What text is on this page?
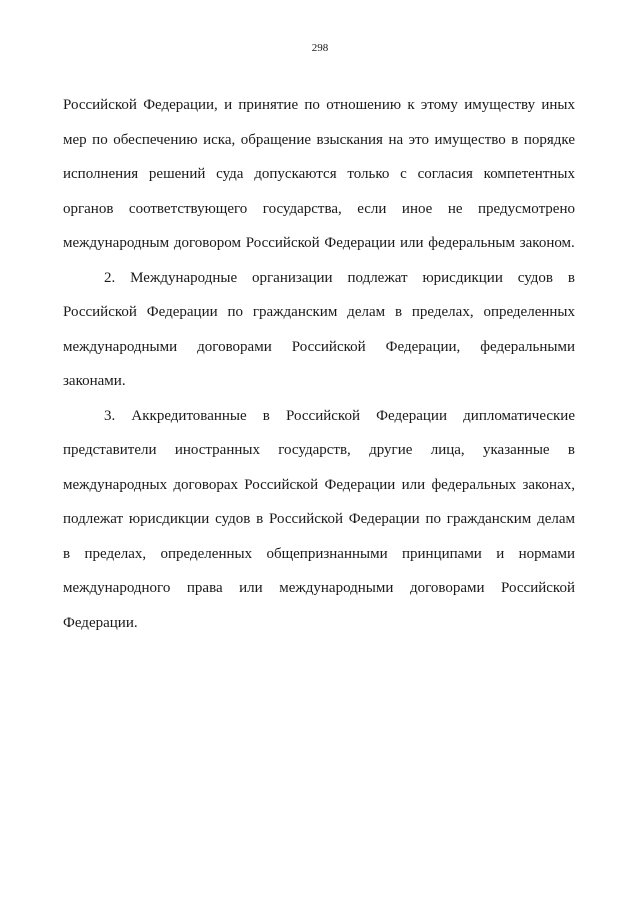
298

Российской Федерации, и принятие по отношению к этому имуществу иных мер по обеспечению иска, обращение взыскания на это имущество в порядке исполнения решений суда допускаются только с согласия компетентных органов соответствующего государства, если иное не предусмотрено международным договором Российской Федерации или федеральным законом.

2. Международные организации подлежат юрисдикции судов в Российской Федерации по гражданским делам в пределах, определенных международными договорами Российской Федерации, федеральными законами.

3. Аккредитованные в Российской Федерации дипломатические представители иностранных государств, другие лица, указанные в международных договорах Российской Федерации или федеральных законах, подлежат юрисдикции судов в Российской Федерации по гражданским делам в пределах, определенных общепризнанными принципами и нормами международного права или международными договорами Российской Федерации.
